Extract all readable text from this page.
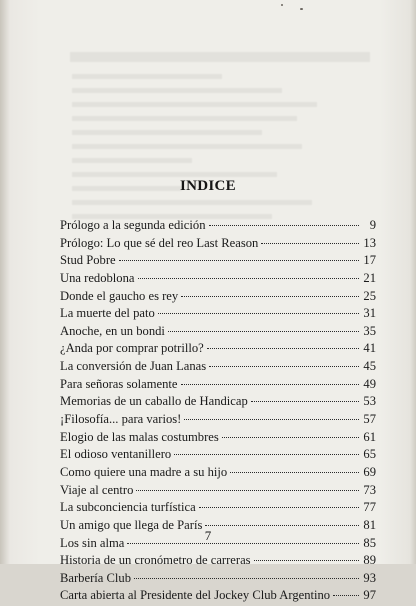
INDICE
Prólogo a la segunda edición	9
Prólogo: Lo que sé del reo Last Reason	13
Stud Pobre	17
Una redoblona	21
Donde el gaucho es rey	25
La muerte del pato	31
Anoche, en un bondi	35
¿Anda por comprar potrillo?	41
La conversión de Juan Lanas	45
Para señoras solamente	49
Memorias de un caballo de Handicap	53
¡Filosofía... para varios!	57
Elogio de las malas costumbres	61
El odioso ventanillero	65
Como quiere una madre a su hijo	69
Viaje al centro	73
La subconciencia turfística	77
Un amigo que llega de París	81
Los sin alma	85
Historia de un cronómetro de carreras	89
Barbería Club	93
Carta abierta al Presidente del Jockey Club Argentino	97
7
